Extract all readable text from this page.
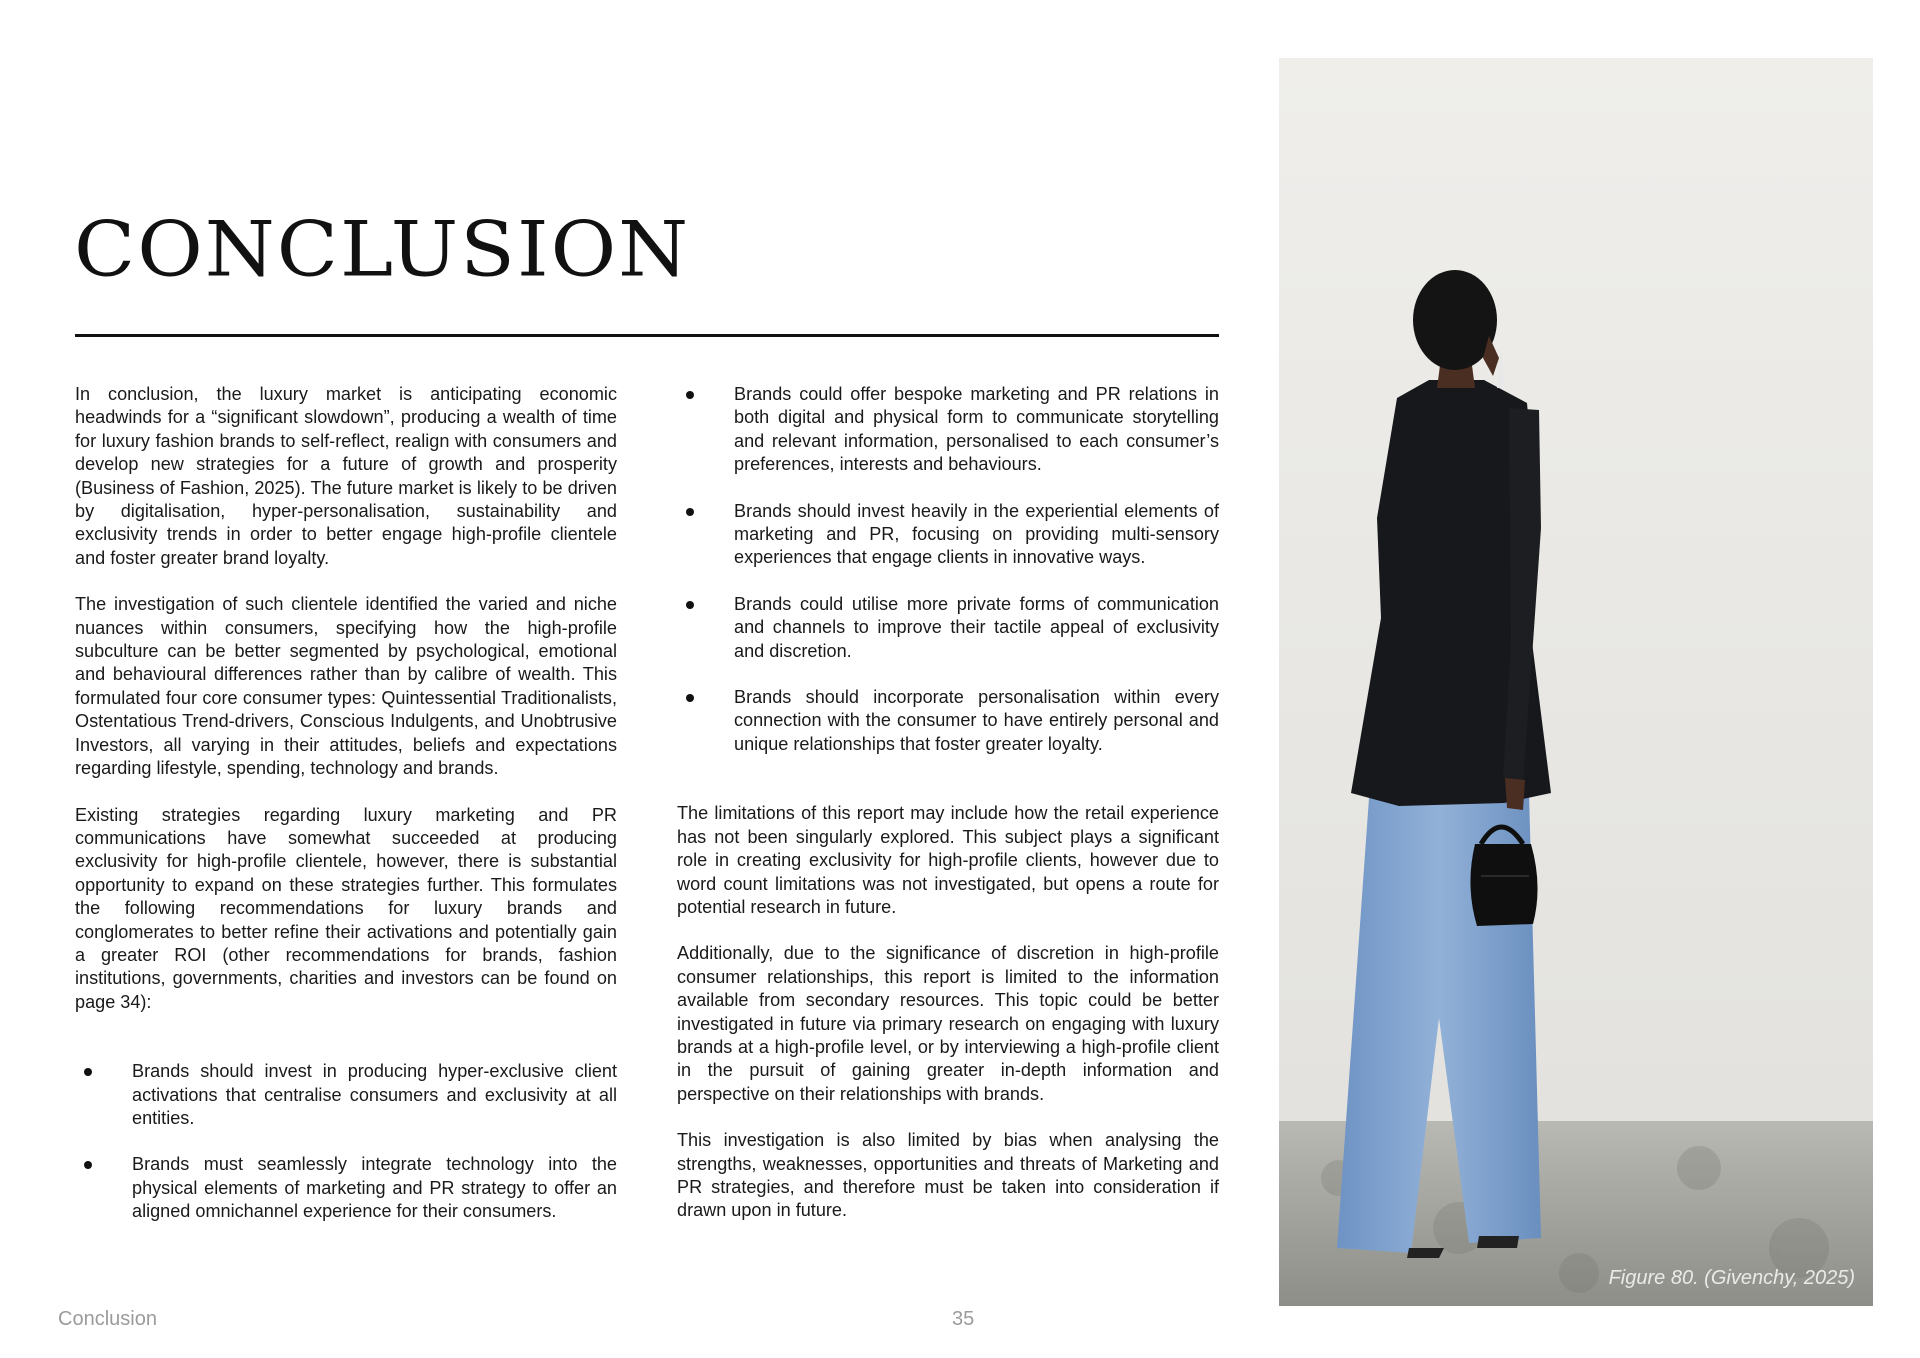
CONCLUSION

In conclusion, the luxury market is anticipating economic headwinds for a “significant slowdown”, producing a wealth of time for luxury fashion brands to self-reflect, realign with consumers and develop new strategies for a future of growth and prosperity (Business of Fashion, 2025). The future market is likely to be driven by digitalisation, hyper-personalisation, sustainability and exclusivity trends in order to better engage high-profile clientele and foster greater brand loyalty.

The investigation of such clientele identified the varied and niche nuances within consumers, specifying how the high-profile subculture can be better segmented by psychological, emotional and behavioural differences rather than by calibre of wealth. This formulated four core consumer types: Quintessential Traditionalists, Ostentatious Trend-drivers, Conscious Indulgents, and Unobtrusive Investors, all varying in their attitudes, beliefs and expectations regarding lifestyle, spending, technology and brands.

Existing strategies regarding luxury marketing and PR communications have somewhat succeeded at producing exclusivity for high-profile clientele, however, there is substantial opportunity to expand on these strategies further. This formulates the following recommendations for luxury brands and conglomerates to better refine their activations and potentially gain a greater ROI (other recommendations for brands, fashion institutions, governments, charities and investors can be found on page 34):

Brands should invest in producing hyper-exclusive client activations that centralise consumers and exclusivity at all entities.
Brands must seamlessly integrate technology into the physical elements of marketing and PR strategy to offer an aligned omnichannel experience for their consumers.
Brands could offer bespoke marketing and PR relations in both digital and physical form to communicate storytelling and relevant information, personalised to each consumer’s preferences, interests and behaviours.
Brands should invest heavily in the experiential elements of marketing and PR, focusing on providing multi-sensory experiences that engage clients in innovative ways.
Brands could utilise more private forms of communication and channels to improve their tactile appeal of exclusivity and discretion.
Brands should incorporate personalisation within every connection with the consumer to have entirely personal and unique relationships that foster greater loyalty.

The limitations of this report may include how the retail experience has not been singularly explored. This subject plays a significant role in creating exclusivity for high-profile clients, however due to word count limitations was not investigated, but opens a route for potential research in future.

Additionally, due to the significance of discretion in high-profile consumer relationships, this report is limited to the information available from secondary resources. This topic could be better investigated in future via primary research on engaging with luxury brands at a high-profile level, or by interviewing a high-profile client in the pursuit of gaining greater in-depth information and perspective on their relationships with brands.

This investigation is also limited by bias when analysing the strengths, weaknesses, opportunities and threats of Marketing and PR strategies, and therefore must be taken into consideration if drawn upon in future.

Figure 80. (Givenchy, 2025)
Conclusion	35
